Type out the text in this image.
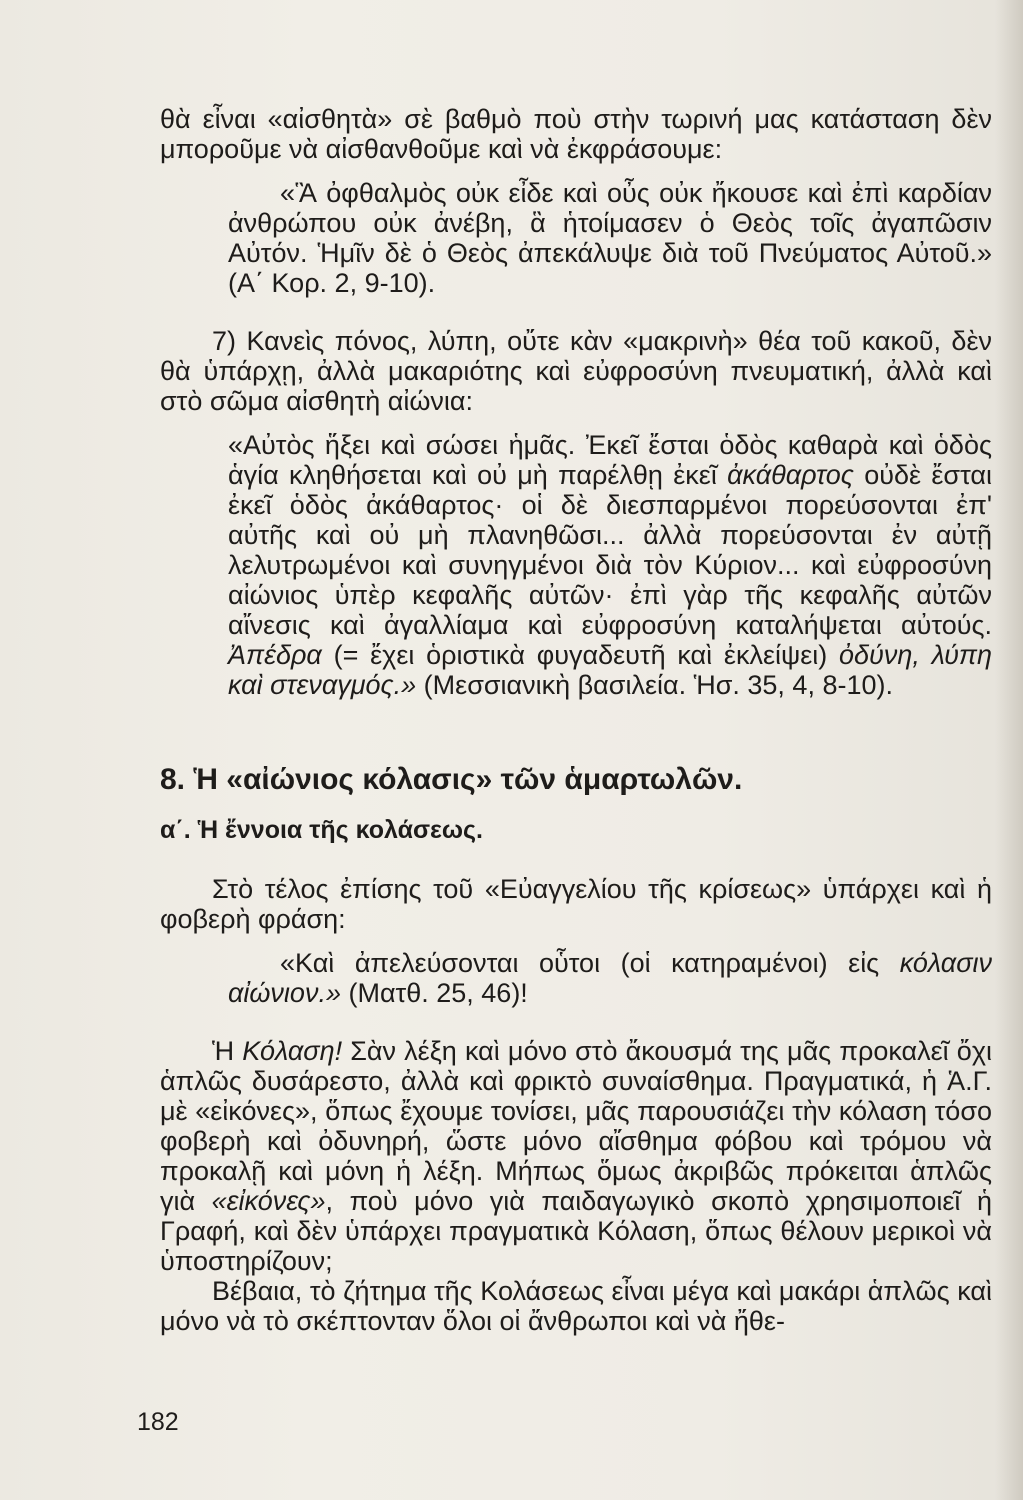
θὰ εἶναι «αἰσθητὰ» σὲ βαθμὸ ποὺ στὴν τωρινή μας κατάσταση δὲν μποροῦμε νὰ αἰσθανθοῦμε καὶ νὰ ἐκφράσουμε:

«Ἃ ὀφθαλμὸς οὐκ εἶδε καὶ οὖς οὐκ ἤκουσε καὶ ἐπὶ καρδίαν ἀνθρώπου οὐκ ἀνέβη, ἃ ἡτοίμασεν ὁ Θεὸς τοῖς ἀγαπῶσιν Αὐτόν. Ἡμῖν δὲ ὁ Θεὸς ἀπεκάλυψε διὰ τοῦ Πνεύματος Αὐτοῦ.» (Α΄ Κορ. 2, 9-10).

7) Κανεὶς πόνος, λύπη, οὔτε κὰν «μακρινὴ» θέα τοῦ κακοῦ, δὲν θὰ ὑπάρχῃ, ἀλλὰ μακαριότης καὶ εὐφροσύνη πνευματική, ἀλλὰ καὶ στὸ σῶμα αἰσθητὴ αἰώνια:

«Αὐτὸς ἥξει καὶ σώσει ἡμᾶς. Ἐκεῖ ἔσται ὁδὸς καθαρὰ καὶ ὁδὸς ἁγία κληθήσεται καὶ οὐ μὴ παρέλθῃ ἐκεῖ ἀκάθαρτος οὐδὲ ἔσται ἐκεῖ ὁδὸς ἀκάθαρτος· οἱ δὲ διεσπαρμένοι πορεύσονται ἐπ' αὐτῆς καὶ οὐ μὴ πλανηθῶσι... ἀλλὰ πορεύσονται ἐν αὐτῇ λελυτρωμένοι καὶ συνηγμένοι διὰ τὸν Κύριον... καὶ εὐφροσύνη αἰώνιος ὑπὲρ κεφαλῆς αὐτῶν· ἐπὶ γὰρ τῆς κεφαλῆς αὐτῶν αἴνεσις καὶ ἀγαλλίαμα καὶ εὐφροσύνη καταλήψεται αὐτούς. Ἀπέδρα (= ἔχει ὁριστικὰ φυγαδευτῆ καὶ ἐκλείψει) ὀδύνη, λύπη καὶ στεναγμός.» (Μεσσιανικὴ βασιλεία. Ἡσ. 35, 4, 8-10).

8. Ἡ «αἰώνιος κόλασις» τῶν ἁμαρτωλῶν.
α΄. Ἡ ἔννοια τῆς κολάσεως.

Στὸ τέλος ἐπίσης τοῦ «Εὐαγγελίου τῆς κρίσεως» ὑπάρχει καὶ ἡ φοβερὴ φράση:

«Καὶ ἀπελεύσονται οὗτοι (οἱ κατηραμένοι) εἰς κόλασιν αἰώνιον.» (Ματθ. 25, 46)!

Ἡ Κόλαση! Σὰν λέξη καὶ μόνο στὸ ἄκουσμά της μᾶς προκαλεῖ ὄχι ἁπλῶς δυσάρεστο, ἀλλὰ καὶ φρικτὸ συναίσθημα. Πραγματικά, ἡ Ἁ.Γ. μὲ «εἰκόνες», ὅπως ἔχουμε τονίσει, μᾶς παρουσιάζει τὴν κόλαση τόσο φοβερὴ καὶ ὀδυνηρή, ὥστε μόνο αἴσθημα φόβου καὶ τρόμου νὰ προκαλῇ καὶ μόνη ἡ λέξη. Μήπως ὅμως ἀκριβῶς πρόκειται ἁπλῶς γιὰ «εἰκόνες», ποὺ μόνο γιὰ παιδαγωγικὸ σκοπὸ χρησιμοποιεῖ ἡ Γραφή, καὶ δὲν ὑπάρχει πραγματικὰ Κόλαση, ὅπως θέλουν μερικοὶ νὰ ὑποστηρίζουν;

Βέβαια, τὸ ζήτημα τῆς Κολάσεως εἶναι μέγα καὶ μακάρι ἁπλῶς καὶ μόνο νὰ τὸ σκέπτονταν ὅλοι οἱ ἄνθρωποι καὶ νὰ ἤθε-

182
